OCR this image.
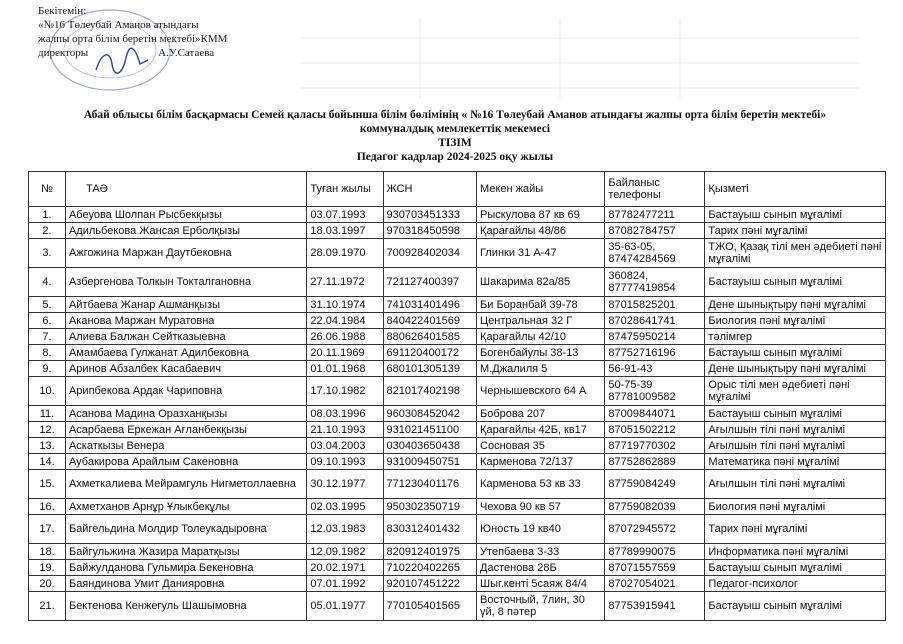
Бекітемін:
«№16 Төлеубай Аманов атындағы
жалпы орта білім беретін мектебі»КММ
директоры	А.У.Сатаева
Абай облысы білім басқармасы Семей қаласы бойынша білім бөлімінің « №16 Төлеубай Аманов атындағы жалпы орта білім беретін мектебі»
коммуналдық мемлекеттік мекемесі
ТІЗІМ
Педагог кадрлар 2024-2025 оқу жылы
№	ТАӘ	Туған жылы	ЖСН	Мекен жайы	Байланыс телефоны	Қызметі
1.	Абеуова Шолпан Рысбекқызы	03.07.1993	930703451333	Рыскулова 87 кв 69	87782477211	Бастауыш сынып мұғалімі
2.	Адильбекова Жансая Ерболқызы	18.03.1997	970318450598	Қарағайлы 48/86	87082784757	Тарих пәні мұғалімі
3.	Ажгожина Маржан Даутбековна	28.09.1970	700928402034	Глинки 31 А-47	35-63-05, 87474284569	ТЖО, Қазақ тілі мен әдебиеті пәні мұғалімі
4.	Азбергенова Толкын Токталгановна	27.11.1972	721127400397	Шакарима 82а/85	360824, 87777419854	Бастауыш сынып мұғалімі
5.	Айтбаева Жанар Ашманқызы	31.10.1974	741031401496	Би Боранбай 39-78	87015825201	Дене шынықтыру пәні мұғалімі
6.	Аканова Маржан Муратовна	22.04.1984	840422401569	Центральная 32 Г	87028641741	Биология пәні мұғалімі
7.	Алиева Балжан Сейтказыевна	26.06.1988	880626401585	Қарағайлы 42/10	87475950214	тәлімгер
8.	Амамбаева Гулжанат Адилбековна	20.11.1969	691120400172	Богенбайулы 38-13	87752716196	Бастауыш сынып мұғалімі
9.	Аринов Абзалбек Касабаевич	01.01.1968	680101305139	М.Джалиля 5	56-91-43	Дене шынықтыру пәні мұғалімі
10.	Арипбекова Ардак Чариповна	17.10.1982	821017402198	Чернышевского 64 А	50-75-39 87781009582	Орыс тілі мен әдебиеті пәні мұғалімі
11.	Асанова Мадина Оразханқызы	08.03.1996	960308452042	Боброва 207	87009844071	Бастауыш сынып мұғалімі
12.	Асарбаева Еркежан Ағланбекқызы	21.10.1993	931021451100	Қарағайлы 42Б, кв17	87051502212	Ағылшын тілі пәні мұғалімі
13.	Аскаткызы Венера	03.04.2003	030403650438	Сосновая 35	87719770302	Ағылшын тілі пәні мұғалімі
14.	Аубакирова Арайлым Сакеновна	09.10.1993	931009450751	Карменова 72/137	87752862889	Математика пәні мұғалімі
15.	Ахметкалиева Мейрамгуль Нигметоллаевна	30.12.1977	771230401176	Карменова 53 кв 33	87759084249	Ағылшын тілі пәні мұғалімі
16.	Ахметханов Арнұр Ұлыкбекұлы	02.03.1995	950302350719	Чехова 90 кв 57	87759082039	Биология пәні мұғалімі
17.	Байгельдина Молдир Толеукадыровна	12.03.1983	830312401432	Юность 19 кв40	87072945572	Тарих пәні мұғалімі
18.	Байгульжина Жазира Маратқызы	12.09.1982	820912401975	Утепбаева 3-33	87789990075	Информатика пәні мұғалімі
19.	Байжулданова Гульмира Бекеновна	20.02.1971	710220402265	Дастенова 28Б	87071557559	Бастауыш сынып мұғалімі
20.	Баяндинова Умит Данияровна	07.01.1992	920107451222	Шыг.кенті 5саяж 84/4	87027054021	Педагог-психолог
21.	Бектенова Кенжегуль Шашымовна	05.01.1977	770105401565	Восточный, 7лин, 30 үй, 8 пәтер	87753915941	Бастауыш сынып мұғалімі
